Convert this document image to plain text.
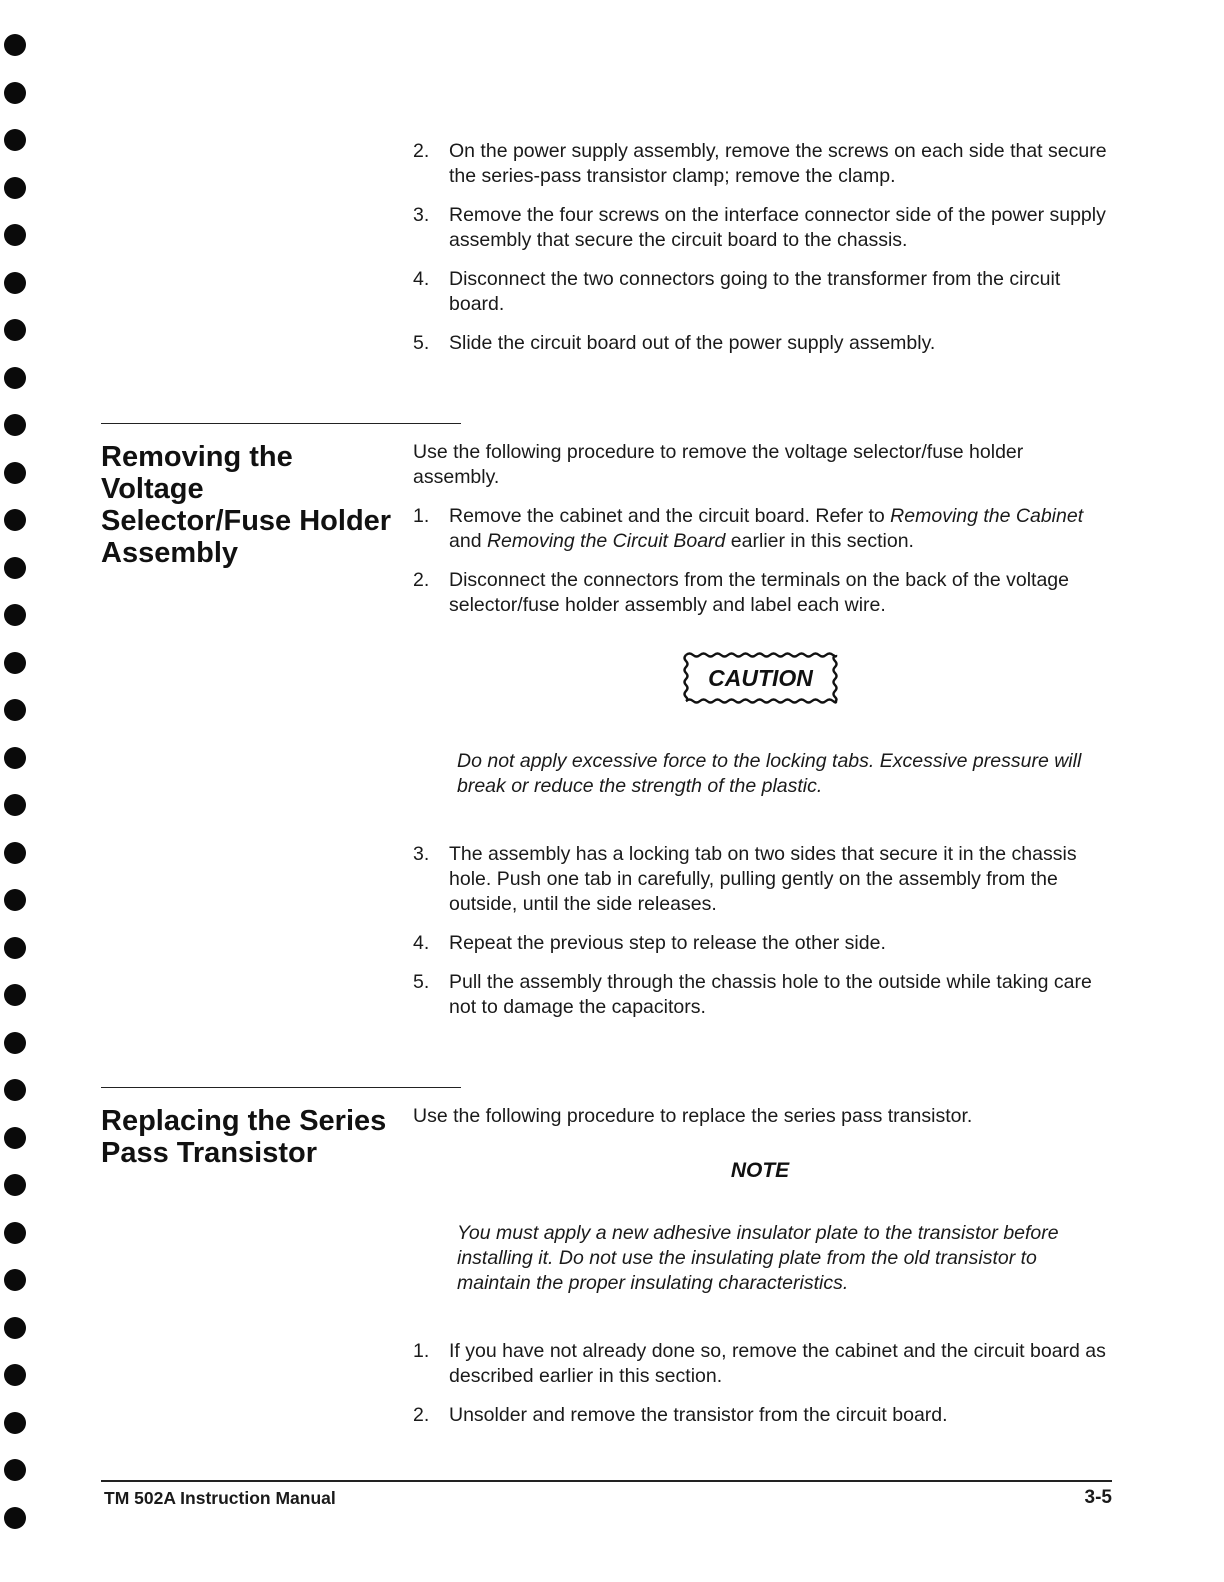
2. On the power supply assembly, remove the screws on each side that secure the series-pass transistor clamp; remove the clamp.
3. Remove the four screws on the interface connector side of the power supply assembly that secure the circuit board to the chassis.
4. Disconnect the two connectors going to the transformer from the circuit board.
5. Slide the circuit board out of the power supply assembly.
Removing the Voltage Selector/Fuse Holder Assembly

Use the following procedure to remove the voltage selector/fuse holder assembly.

1. Remove the cabinet and the circuit board. Refer to Removing the Cabinet and Removing the Circuit Board earlier in this section.
2. Disconnect the connectors from the terminals on the back of the voltage selector/fuse holder assembly and label each wire.
CAUTION
Do not apply excessive force to the locking tabs. Excessive pressure will break or reduce the strength of the plastic.
3. The assembly has a locking tab on two sides that secure it in the chassis hole. Push one tab in carefully, pulling gently on the assembly from the outside, until the side releases.
4. Repeat the previous step to release the other side.
5. Pull the assembly through the chassis hole to the outside while taking care not to damage the capacitors.
Replacing the Series Pass Transistor
Use the following procedure to replace the series pass transistor.
NOTE
You must apply a new adhesive insulator plate to the transistor before installing it. Do not use the insulating plate from the old transistor to maintain the proper insulating characteristics.
1. If you have not already done so, remove the cabinet and the circuit board as described earlier in this section.
2. Unsolder and remove the transistor from the circuit board.
TM 502A Instruction Manual	3-5
